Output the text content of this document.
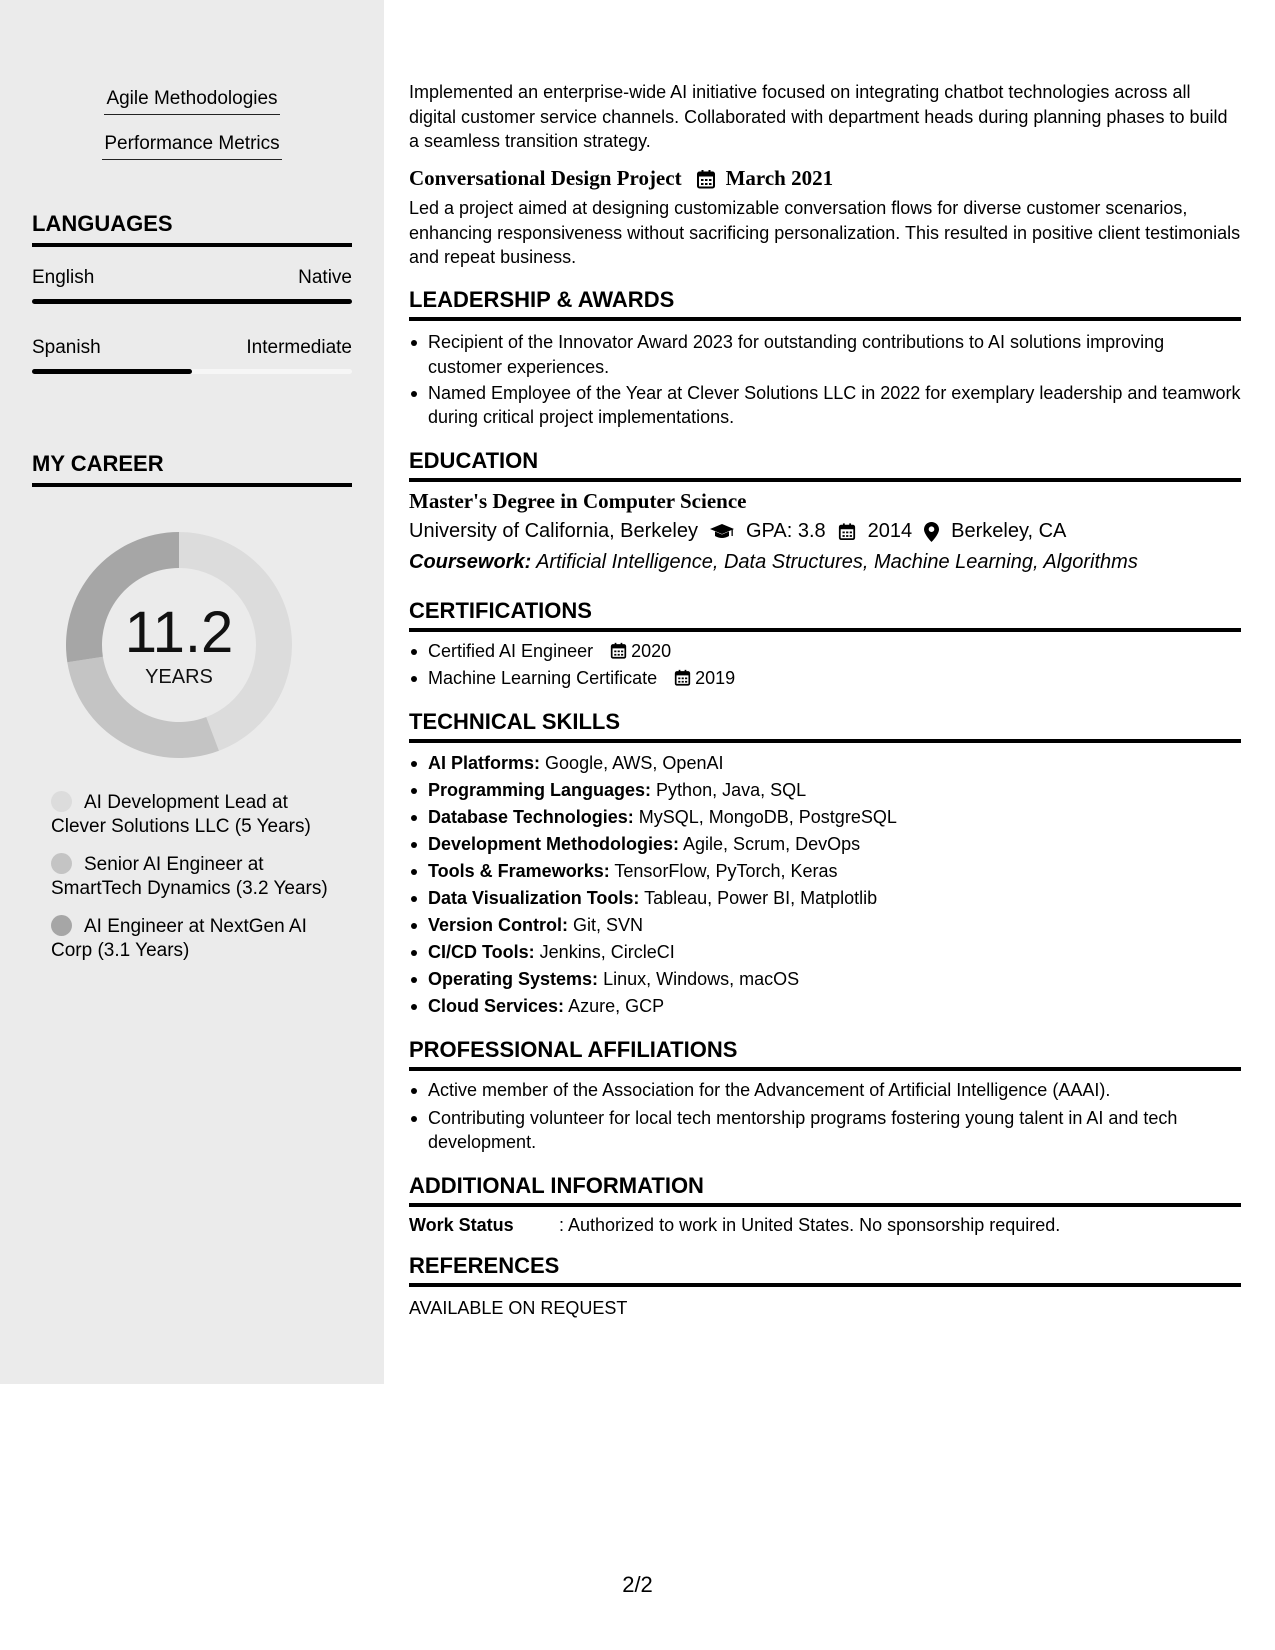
Agile Methodologies
Performance Metrics
LANGUAGES
English	Native
Spanish	Intermediate
MY CAREER
11.2
YEARS
AI Development Lead at Clever Solutions LLC (5 Years)
Senior AI Engineer at SmartTech Dynamics (3.2 Years)
AI Engineer at NextGen AI Corp (3.1 Years)
Implemented an enterprise-wide AI initiative focused on integrating chatbot technologies across all digital customer service channels. Collaborated with department heads during planning phases to build a seamless transition strategy.
Conversational Design Project March 2021
Led a project aimed at designing customizable conversation flows for diverse customer scenarios, enhancing responsiveness without sacrificing personalization. This resulted in positive client testimonials and repeat business.
LEADERSHIP & AWARDS
Recipient of the Innovator Award 2023 for outstanding contributions to AI solutions improving customer experiences.
Named Employee of the Year at Clever Solutions LLC in 2022 for exemplary leadership and teamwork during critical project implementations.
EDUCATION
Master's Degree in Computer Science
University of California, Berkeley GPA: 3.8 2014 Berkeley, CA
Coursework: Artificial Intelligence, Data Structures, Machine Learning, Algorithms
CERTIFICATIONS
Certified AI Engineer 2020
Machine Learning Certificate 2019
TECHNICAL SKILLS
AI Platforms: Google, AWS, OpenAI
Programming Languages: Python, Java, SQL
Database Technologies: MySQL, MongoDB, PostgreSQL
Development Methodologies: Agile, Scrum, DevOps
Tools & Frameworks: TensorFlow, PyTorch, Keras
Data Visualization Tools: Tableau, Power BI, Matplotlib
Version Control: Git, SVN
CI/CD Tools: Jenkins, CircleCI
Operating Systems: Linux, Windows, macOS
Cloud Services: Azure, GCP
PROFESSIONAL AFFILIATIONS
Active member of the Association for the Advancement of Artificial Intelligence (AAAI).
Contributing volunteer for local tech mentorship programs fostering young talent in AI and tech development.
ADDITIONAL INFORMATION
Work Status	: Authorized to work in United States. No sponsorship required.
REFERENCES
AVAILABLE ON REQUEST
2/2
